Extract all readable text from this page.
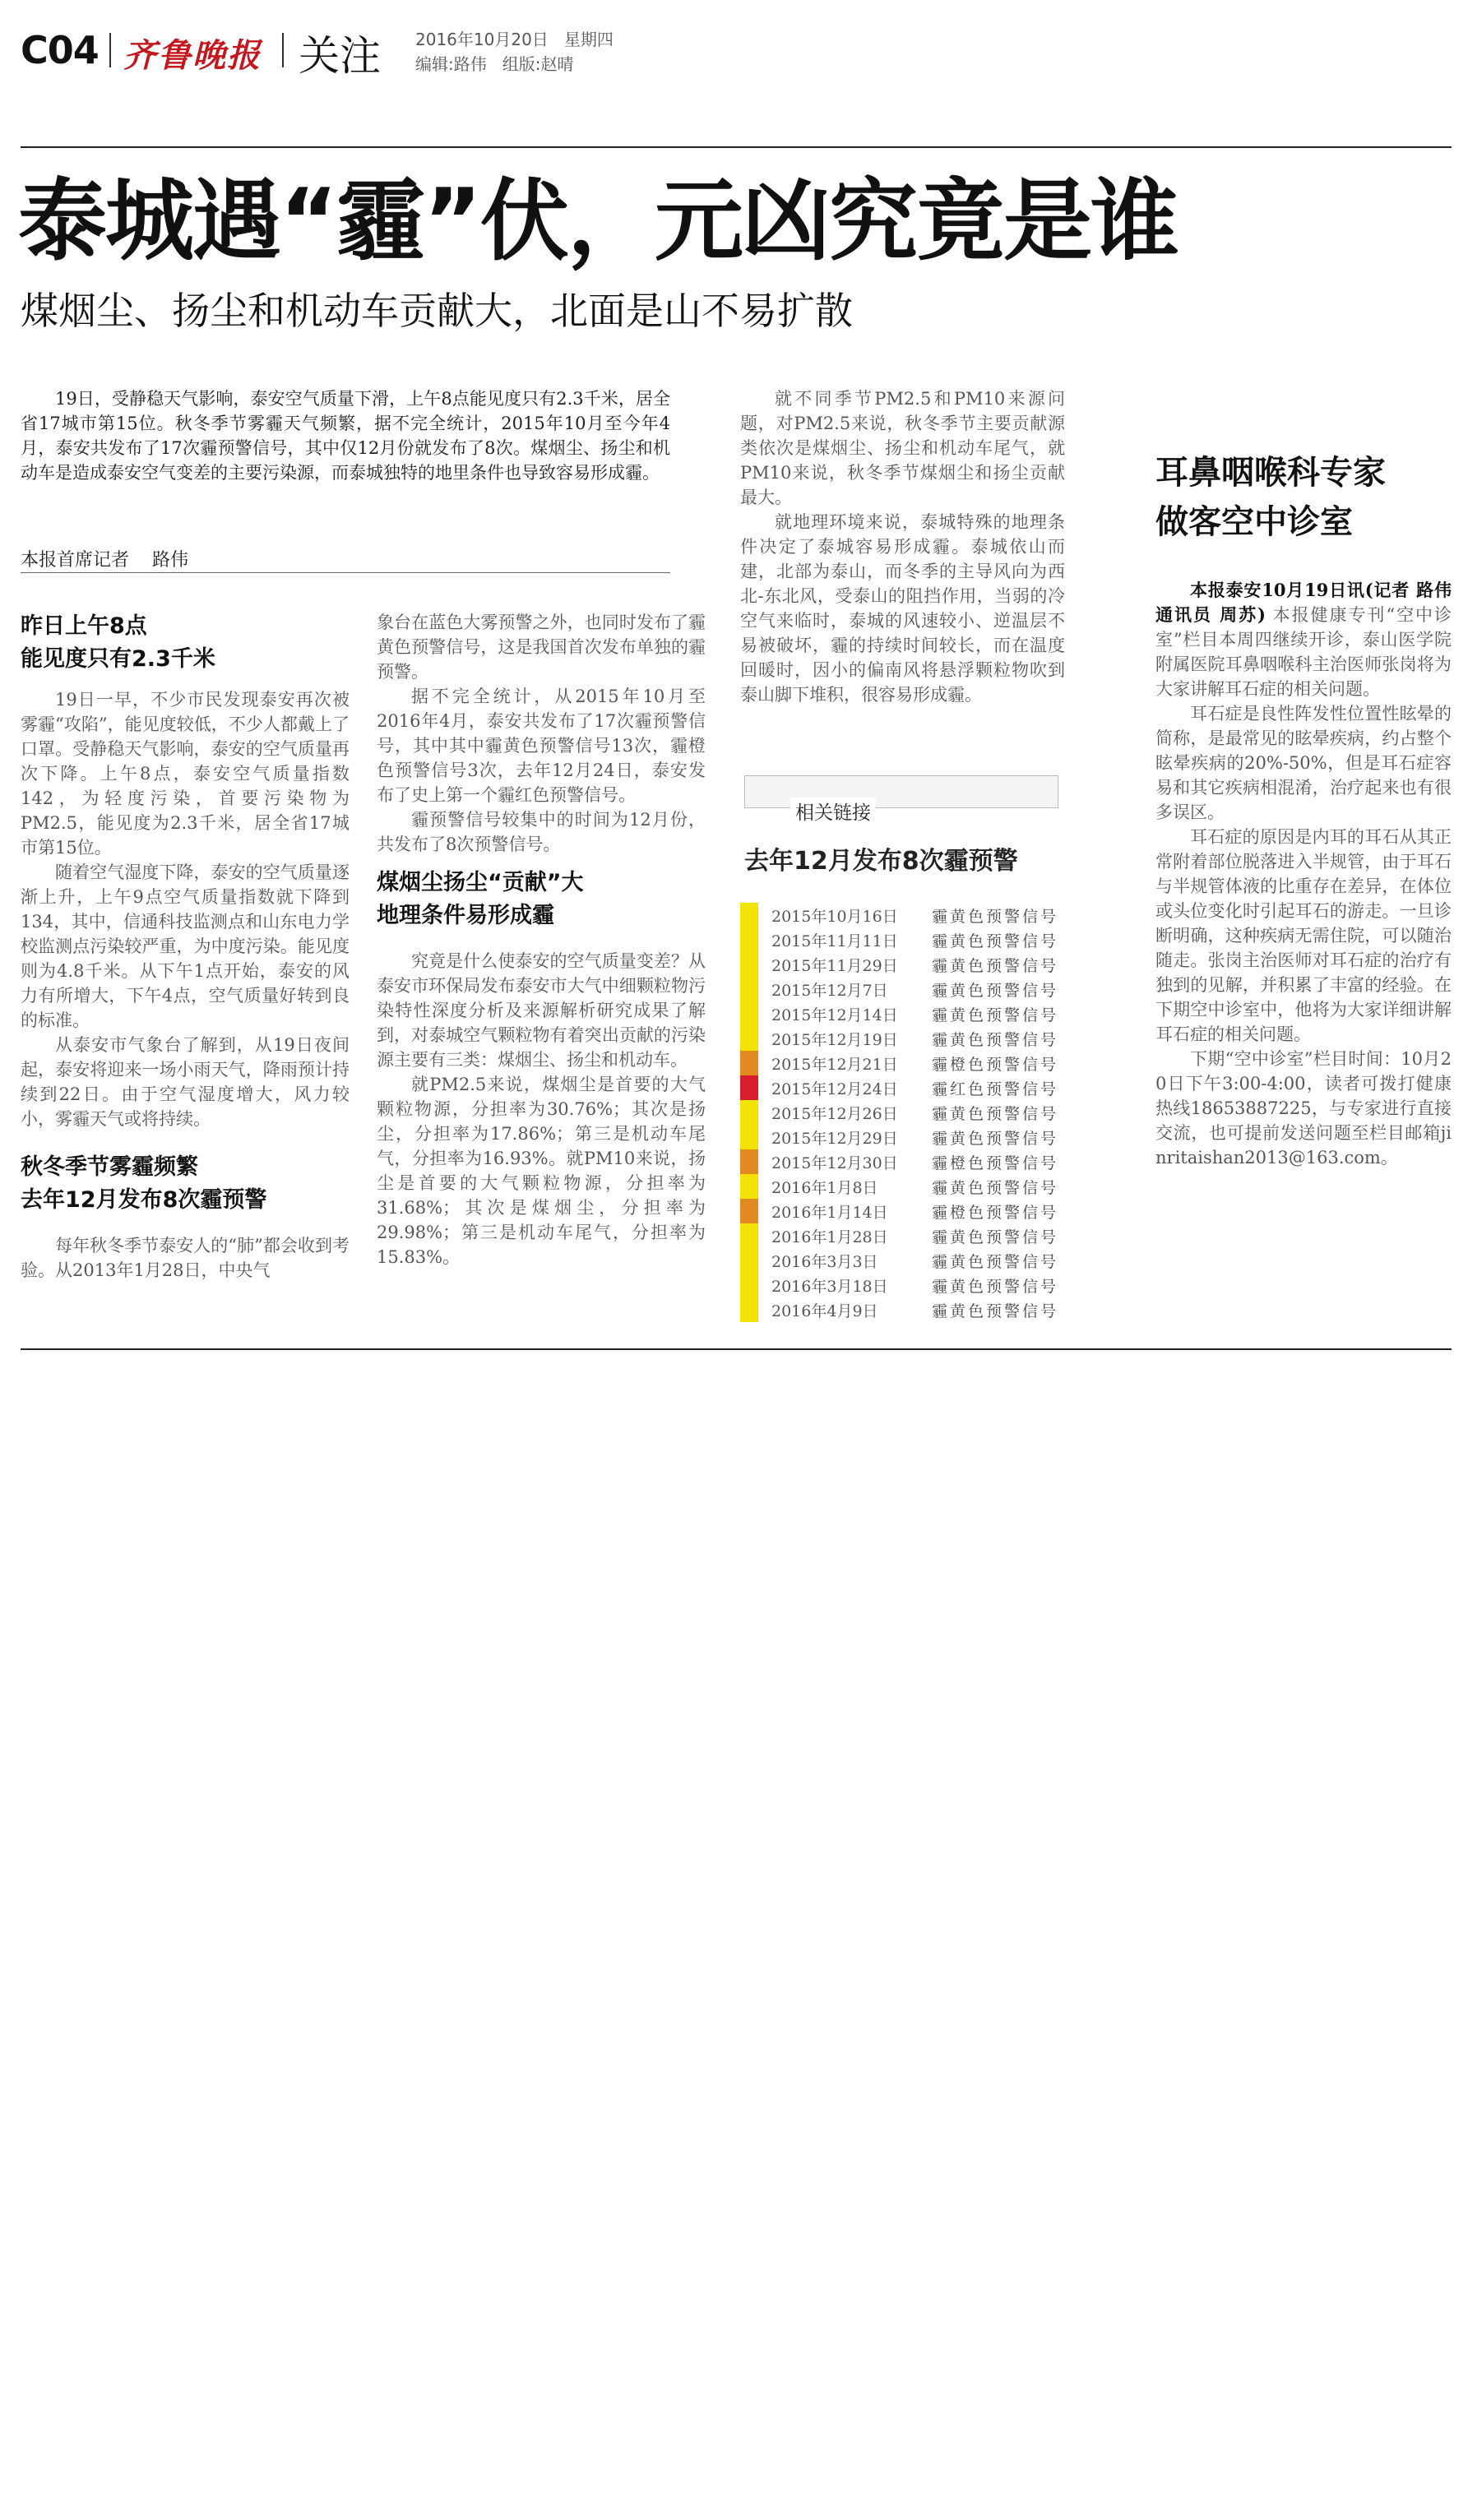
C04 齐鲁晚报 关注 2016年10月20日   星期四
编辑:路伟   组版:赵晴
泰城遇“霾”伏，元凶究竟是谁
煤烟尘、扬尘和机动车贡献大，北面是山不易扩散
19日，受静稳天气影响，泰安空气质量下滑，上午8点能见度只有2.3千米，居全省17城市第15位。秋冬季节雾霾天气频繁，据不完全统计，2015年10月至今年4月，泰安共发布了17次霾预警信号，其中仅12月份就发布了8次。煤烟尘、扬尘和机动车是造成泰安空气变差的主要污染源，而泰城独特的地里条件也导致容易形成霾。
本报首席记者    路伟
昨日上午8点
能见度只有2.3千米

19日一早，不少市民发现泰安再次被雾霾“攻陷”，能见度较低，不少人都戴上了口罩。受静稳天气影响，泰安的空气质量再次下降。上午8点，泰安空气质量指数142，为轻度污染，首要污染物为PM2.5，能见度为2.3千米，居全省17城市第15位。

随着空气湿度下降，泰安的空气质量逐渐上升，上午9点空气质量指数就下降到134，其中，信通科技监测点和山东电力学校监测点污染较严重，为中度污染。能见度则为4.8千米。从下午1点开始，泰安的风力有所增大，下午4点，空气质量好转到良的标准。

从泰安市气象台了解到，从19日夜间起，泰安将迎来一场小雨天气，降雨预计持续到22日。由于空气湿度增大，风力较小，雾霾天气或将持续。

秋冬季节雾霾频繁
去年12月发布8次霾预警

每年秋冬季节泰安人的“肺”都会收到考验。从2013年1月28日，中央气

象台在蓝色大雾预警之外，也同时发布了霾黄色预警信号，这是我国首次发布单独的霾预警。

据不完全统计，从2015年10月至2016年4月，泰安共发布了17次霾预警信号，其中其中霾黄色预警信号13次，霾橙色预警信号3次，去年12月24日，泰安发布了史上第一个霾红色预警信号。

霾预警信号较集中的时间为12月份，共发布了8次预警信号。

煤烟尘扬尘“贡献”大
地理条件易形成霾

究竟是什么使泰安的空气质量变差？从泰安市环保局发布泰安市大气中细颗粒物污染特性深度分析及来源解析研究成果了解到，对泰城空气颗粒物有着突出贡献的污染源主要有三类：煤烟尘、扬尘和机动车。

就PM2.5来说，煤烟尘是首要的大气颗粒物源，分担率为30.76%；其次是扬尘，分担率为17.86%；第三是机动车尾气，分担率为16.93%。就PM10来说，扬尘是首要的大气颗粒物源，分担率为31.68%；其次是煤烟尘，分担率为29.98%；第三是机动车尾气，分担率为15.83%。

就不同季节PM2.5和PM10来源问题，对PM2.5来说，秋冬季节主要贡献源类依次是煤烟尘、扬尘和机动车尾气，就PM10来说，秋冬季节煤烟尘和扬尘贡献最大。

就地理环境来说，泰城特殊的地理条件决定了泰城容易形成霾。泰城依山而建，北部为泰山，而冬季的主导风向为西北-东北风，受泰山的阻挡作用，当弱的冷空气来临时，泰城的风速较小、逆温层不易被破坏，霾的持续时间较长，而在温度回暖时，因小的偏南风将悬浮颗粒物吹到泰山脚下堆积，很容易形成霾。

相关链接
去年12月发布8次霾预警
2015年10月16日	霾黄色预警信号
2015年11月11日	霾黄色预警信号
2015年11月29日	霾黄色预警信号
2015年12月7日	霾黄色预警信号
2015年12月14日	霾黄色预警信号
2015年12月19日	霾黄色预警信号
2015年12月21日	霾橙色预警信号
2015年12月24日	霾红色预警信号
2015年12月26日	霾黄色预警信号
2015年12月29日	霾黄色预警信号
2015年12月30日	霾橙色预警信号
2016年1月8日	霾黄色预警信号
2016年1月14日	霾橙色预警信号
2016年1月28日	霾黄色预警信号
2016年3月3日	霾黄色预警信号
2016年3月18日	霾黄色预警信号
2016年4月9日	霾黄色预警信号
耳鼻咽喉科专家
做客空中诊室

本报泰安10月19日讯(记者 路伟 通讯员 周苏) 本报健康专刊“空中诊室”栏目本周四继续开诊，泰山医学院附属医院耳鼻咽喉科主治医师张岗将为大家讲解耳石症的相关问题。

耳石症是良性阵发性位置性眩晕的简称，是最常见的眩晕疾病，约占整个眩晕疾病的20%-50%，但是耳石症容易和其它疾病相混淆，治疗起来也有很多误区。

耳石症的原因是内耳的耳石从其正常附着部位脱落进入半规管，由于耳石与半规管体液的比重存在差异，在体位或头位变化时引起耳石的游走。一旦诊断明确，这种疾病无需住院，可以随治随走。张岗主治医师对耳石症的治疗有独到的见解，并积累了丰富的经验。在下期空中诊室中，他将为大家详细讲解耳石症的相关问题。

下期“空中诊室”栏目时间：10月20日下午3:00-4:00，读者可拨打健康热线18653887225，与专家进行直接交流，也可提前发送问题至栏目邮箱jinritaishan2013@163.com。
